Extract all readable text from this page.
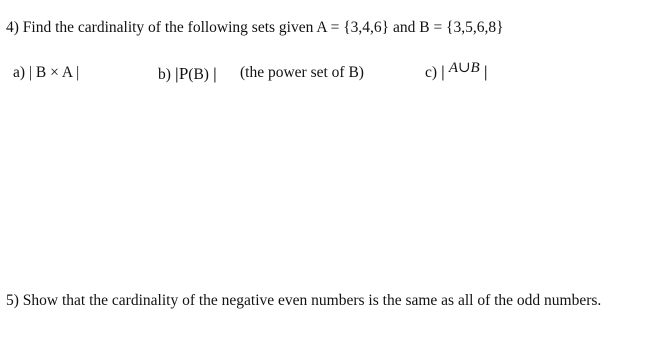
4) Find the cardinality of the following sets given A = {3,4,6} and B = {3,5,6,8}
a) | B × A |	b) |P(B) | (the power set of B)	c) | A∪B |
5) Show that the cardinality of the negative even numbers is the same as all of the odd numbers.
